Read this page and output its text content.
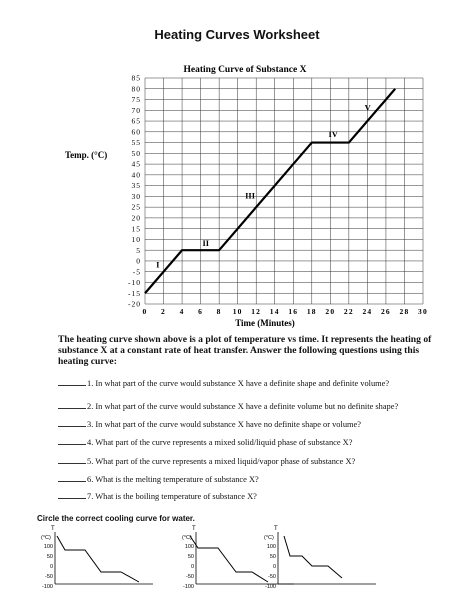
Heating Curves Worksheet
Heating Curve of Substance X
Temp. (°C)
Time (Minutes)
0 2 4 6 8 10 12 14 16 18 20 22 24 26 28 30
-20
-15
-10
-5
0
5
10
15
20
25
30
35
40
45
50
55
60
65
70
75
80
85
I
II
III
IV
V
The heating curve shown above is a plot of temperature vs time. It represents the heating of substance X at a constant rate of heat transfer. Answer the following questions using this heating curve:
1. In what part of the curve would substance X have a definite shape and definite volume?
2. In what part of the curve would substance X have a definite volume but no definite shape?
3. In what part of the curve would substance X have no definite shape or volume?
4. What part of the curve represents a mixed solid/liquid phase of substance X?
5. What part of the curve represents a mixed liquid/vapor phase of substance X?
6. What is the melting temperature of substance X?
7. What is the boiling temperature of substance X?
Circle the correct cooling curve for water.
T
(°C)
100
50
0
-50
-100
T
(°C)
100
50
0
-50
-100
T
(°C)
100
50
0
-50
-100
